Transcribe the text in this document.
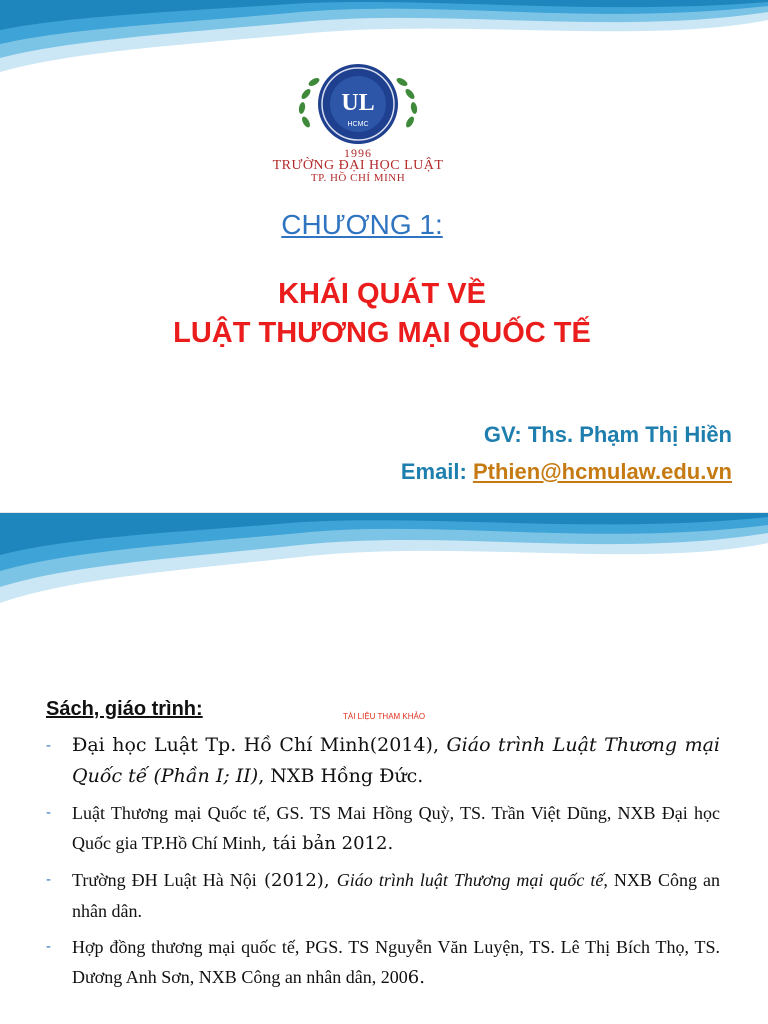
UL
HCMC
1996
TRƯỜNG ĐẠI HỌC LUẬT
TP. HỒ CHÍ MINH
CHƯƠNG 1:
KHÁI QUÁT VỀ
LUẬT THƯƠNG MẠI QUỐC TẾ
GV: Ths. Phạm Thị Hiền
Email: Pthien@hcmulaw.edu.vn
Sách, giáo trình:	TÀI LIỆU THAM KHẢO
- Đại học Luật Tp. Hồ Chí Minh(2014), Giáo trình Luật Thương mại Quốc tế (Phần I; II), NXB Hồng Đức.
- Luật Thương mại Quốc tế, GS. TS Mai Hồng Quỳ, TS. Trần Việt Dũng, NXB Đại học Quốc gia TP.Hồ Chí Minh, tái bản 2012.
- Trường ĐH Luật Hà Nội (2012), Giáo trình luật Thương mại quốc tế, NXB Công an nhân dân.
- Hợp đồng thương mại quốc tế, PGS. TS Nguyễn Văn Luyện, TS. Lê Thị Bích Thọ, TS. Dương Anh Sơn, NXB Công an nhân dân, 2006.
